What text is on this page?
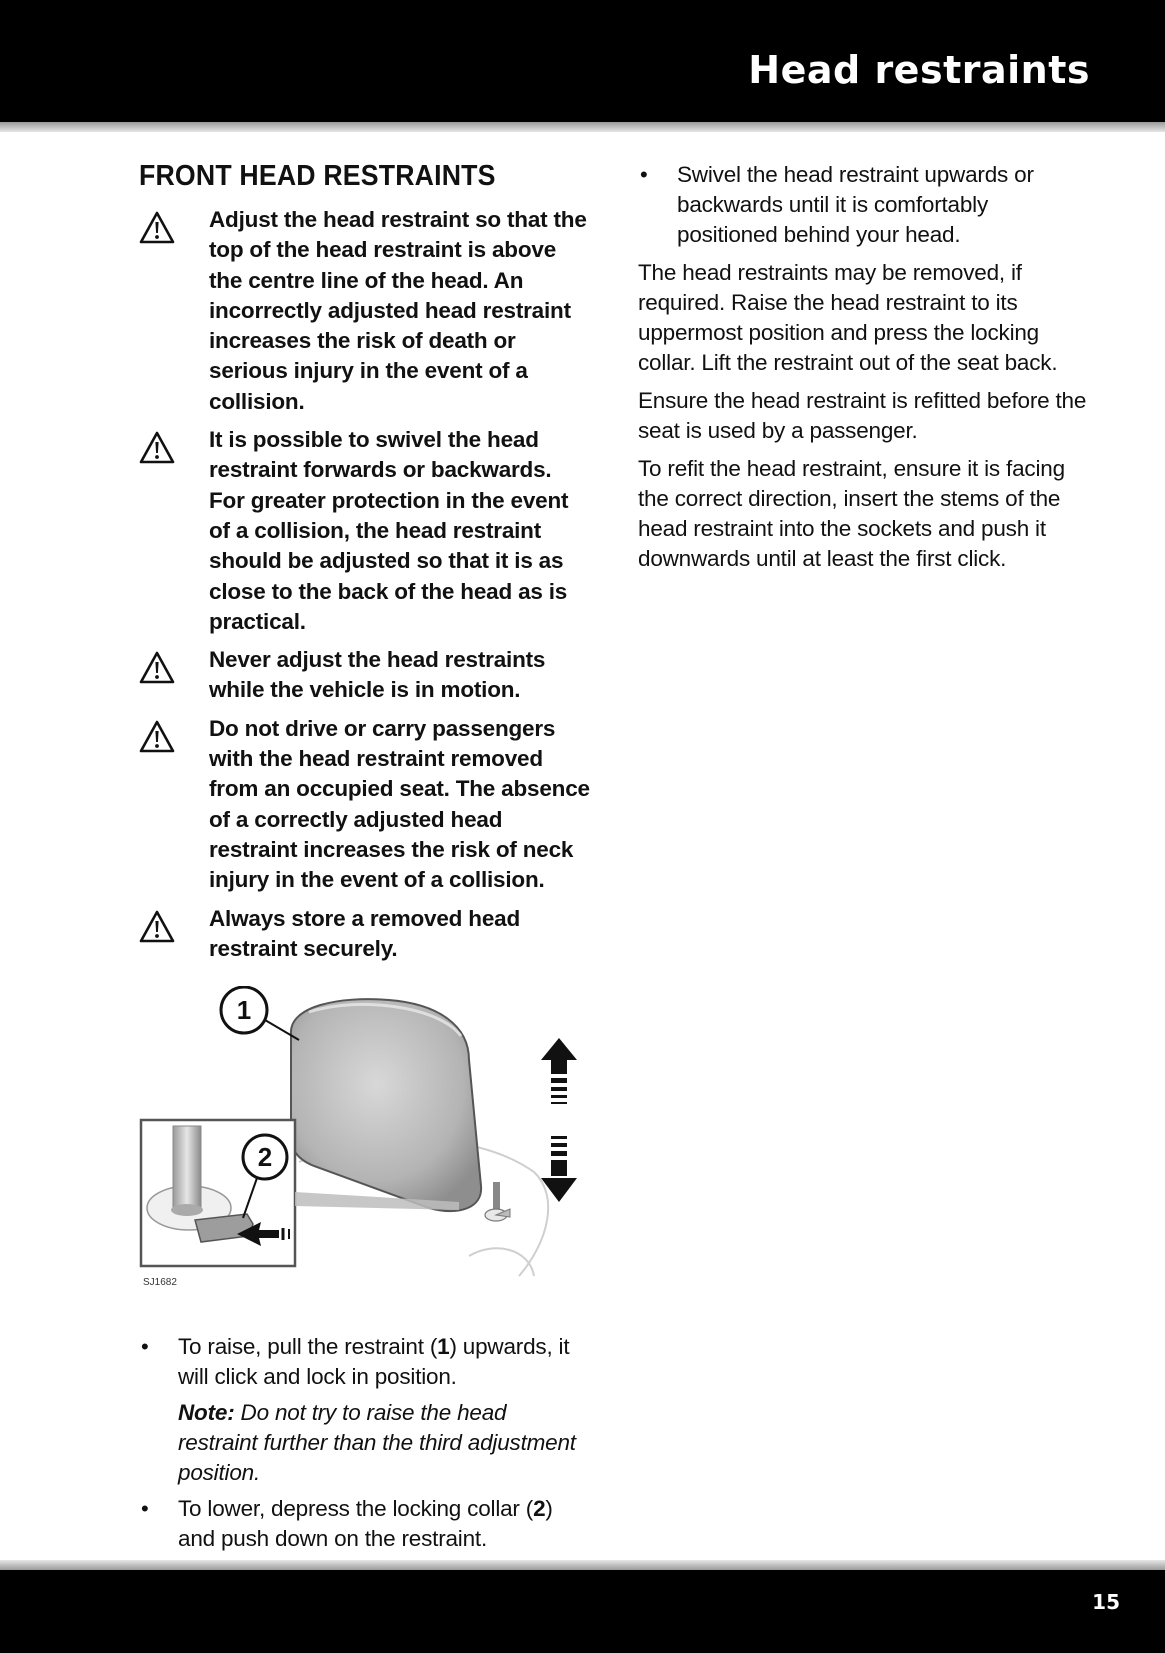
Head restraints
FRONT HEAD RESTRAINTS
Adjust the head restraint so that the top of the head restraint is above the centre line of the head. An incorrectly adjusted head restraint increases the risk of death or serious injury in the event of a collision.
It is possible to swivel the head restraint forwards or backwards. For greater protection in the event of a collision, the head restraint should be adjusted so that it is as close to the back of the head as is practical.
Never adjust the head restraints while the vehicle is in motion.
Do not drive or carry passengers with the head restraint removed from an occupied seat. The absence of a correctly adjusted head restraint increases the risk of neck injury in the event of a collision.
Always store a removed head restraint securely.
1
2
SJ1682
• To raise, pull the restraint (1) upwards, it will click and lock in position.
Note: Do not try to raise the head restraint further than the third adjustment position.
• To lower, depress the locking collar (2) and push down on the restraint.
• Swivel the head restraint upwards or backwards until it is comfortably positioned behind your head.

The head restraints may be removed, if required. Raise the head restraint to its uppermost position and press the locking collar. Lift the restraint out of the seat back.

Ensure the head restraint is refitted before the seat is used by a passenger.

To refit the head restraint, ensure it is facing the correct direction, insert the stems of the head restraint into the sockets and push it downwards until at least the first click.

15
